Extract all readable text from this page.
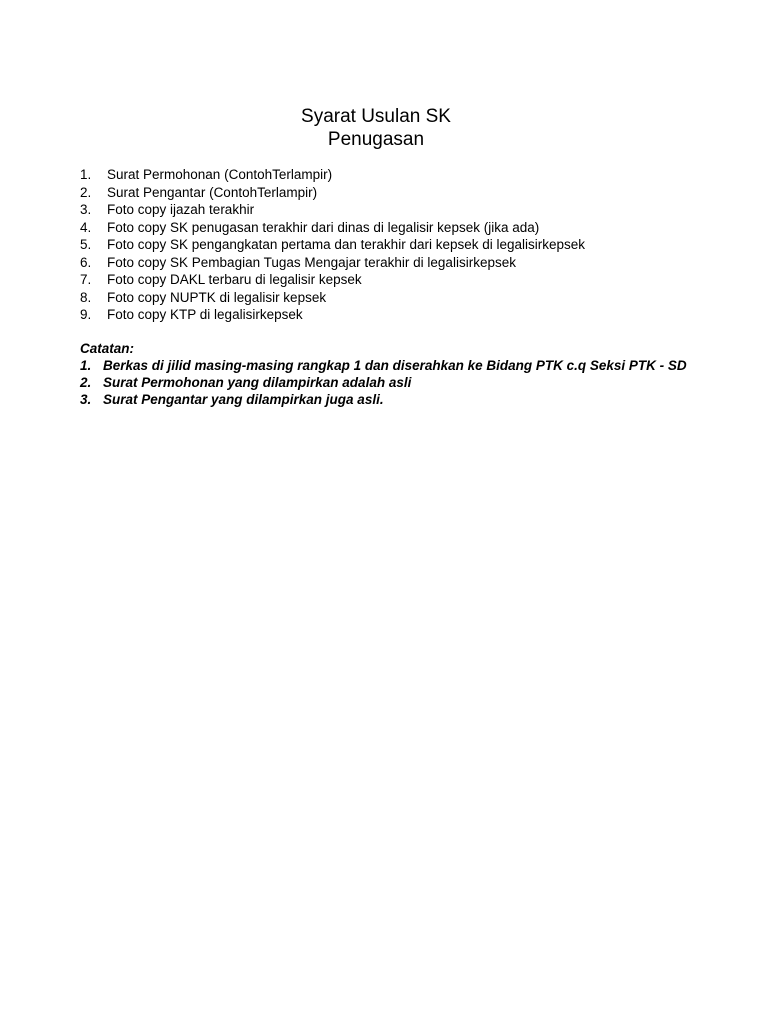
Syarat Usulan SK
Penugasan
1. Surat Permohonan (ContohTerlampir)
2. Surat Pengantar (ContohTerlampir)
3. Foto copy ijazah terakhir
4. Foto copy SK penugasan terakhir dari dinas di legalisir kepsek (jika ada)
5. Foto copy SK pengangkatan pertama dan terakhir dari kepsek di legalisirkepsek
6. Foto copy SK Pembagian Tugas Mengajar terakhir di legalisirkepsek
7. Foto copy DAKL terbaru di legalisir kepsek
8. Foto copy NUPTK di legalisir kepsek
9. Foto copy KTP di legalisirkepsek

Catatan:

1. Berkas di jilid masing-masing rangkap 1 dan diserahkan ke Bidang PTK c.q Seksi PTK - SD
2. Surat Permohonan yang dilampirkan adalah asli
3. Surat Pengantar yang dilampirkan juga asli.
